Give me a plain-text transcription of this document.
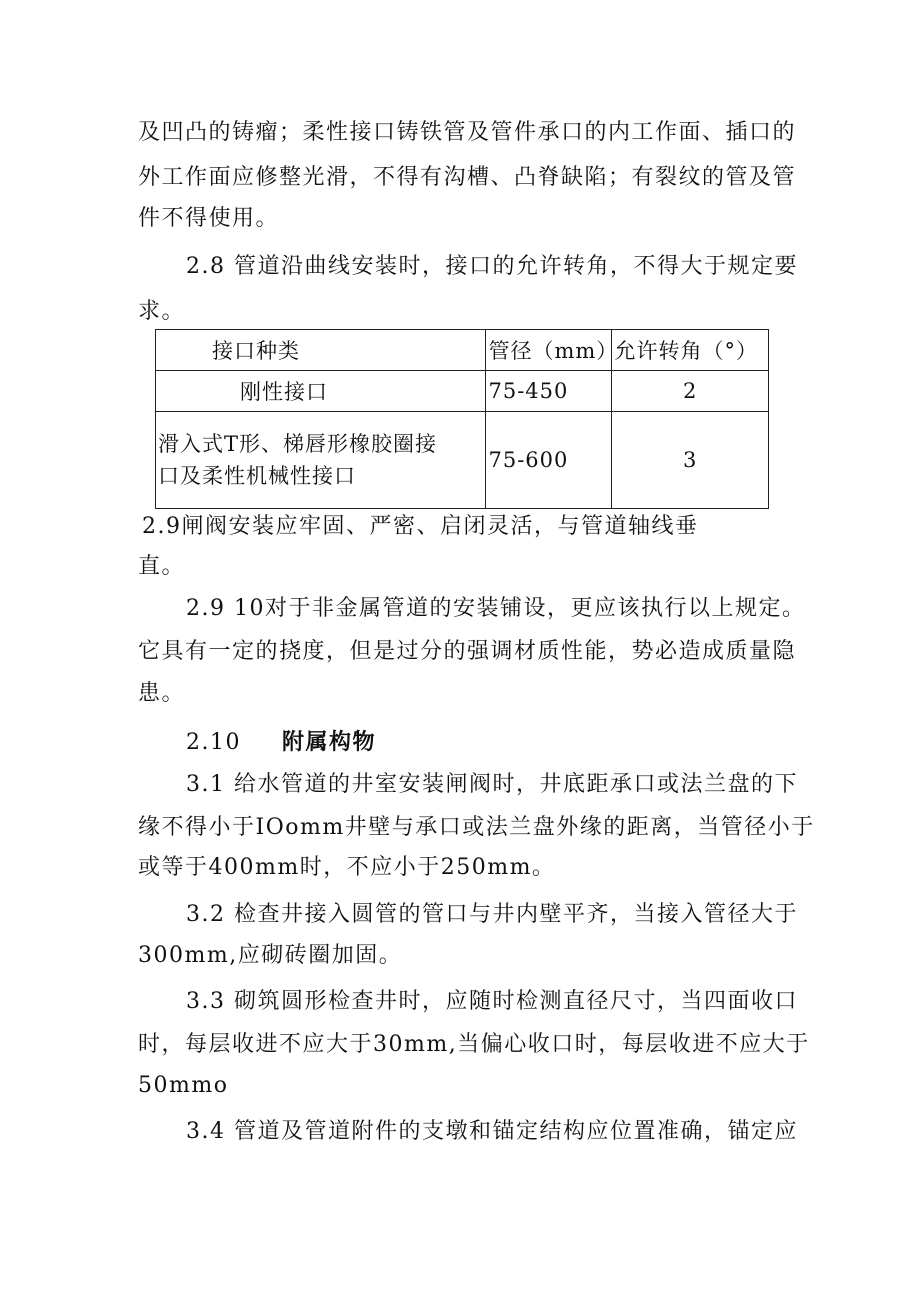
及凹凸的铸瘤；柔性接口铸铁管及管件承口的内工作面、插口的
外工作面应修整光滑，不得有沟槽、凸脊缺陷；有裂纹的管及管
件不得使用。
2.8 管道沿曲线安装时，接口的允许转角，不得大于规定要
求。
接口种类	管径（mm）	允许转角（°）
刚性接口	75-450	2

滑入式T形、梯唇形橡胶圈接
口及柔性机械性接口	75-600	3
2.9闸阀安装应牢固、严密、启闭灵活，与管道轴线垂
直。
2.9 10对于非金属管道的安装铺设，更应该执行以上规定。
它具有一定的挠度，但是过分的强调材质性能，势必造成质量隐
患。
2.10 附属构物
3.1 给水管道的井室安装闸阀时，井底距承口或法兰盘的下
缘不得小于IOomm井壁与承口或法兰盘外缘的距离，当管径小于
或等于400mm时，不应小于250mm。
3.2 检查井接入圆管的管口与井内壁平齐，当接入管径大于
300mm,应砌砖圈加固。
3.3 砌筑圆形检查井时，应随时检测直径尺寸，当四面收口
时，每层收进不应大于30mm,当偏心收口时，每层收进不应大于
50mmo
3.4 管道及管道附件的支墩和锚定结构应位置准确，锚定应
